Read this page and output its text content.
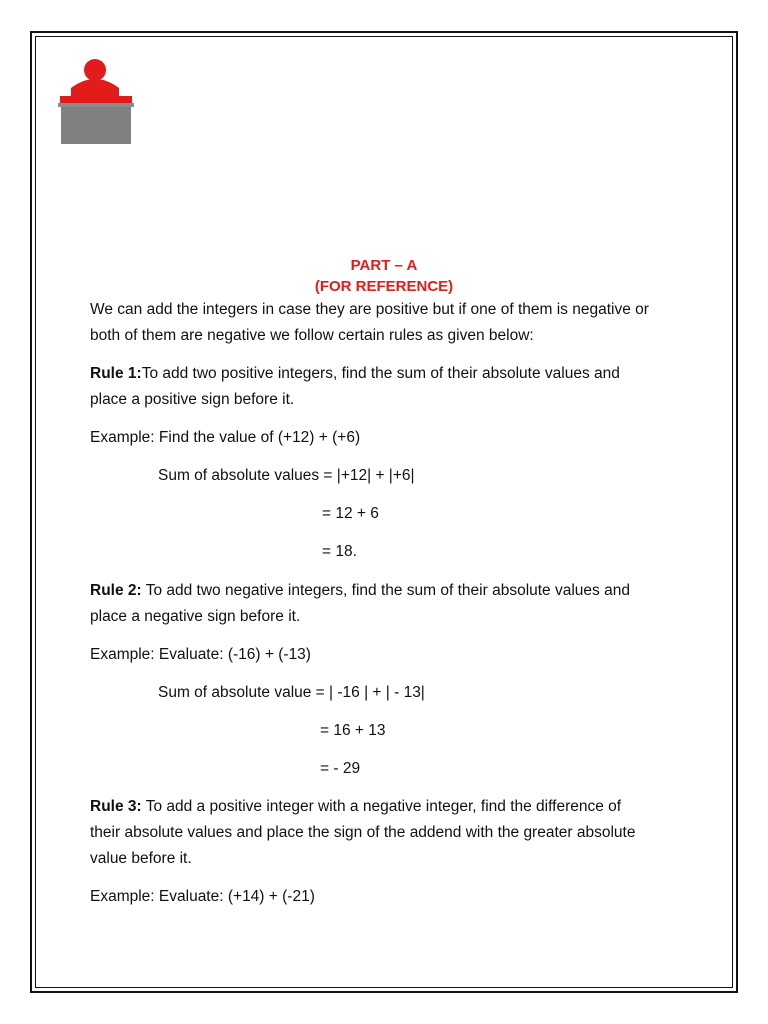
PART – A
(FOR REFERENCE)
We can add the integers in case they are positive but if one of them is negative or
both of them are negative we follow certain rules as given below:
Rule 1:To add two positive integers, find the sum of their absolute values and
place a positive sign before it.
Example: Find the value of (+12) + (+6)
Sum of absolute values = |+12| + |+6|
= 12 + 6
= 18.
Rule 2: To add two negative integers, find the sum of their absolute values and
place a negative sign before it.
Example: Evaluate: (-16) + (-13)
Sum of absolute value = | -16 | + | - 13|
= 16 + 13
= - 29
Rule 3: To add a positive integer with a negative integer, find the difference of
their absolute values and place the sign of the addend with the greater absolute
value before it.
Example: Evaluate: (+14) + (-21)
